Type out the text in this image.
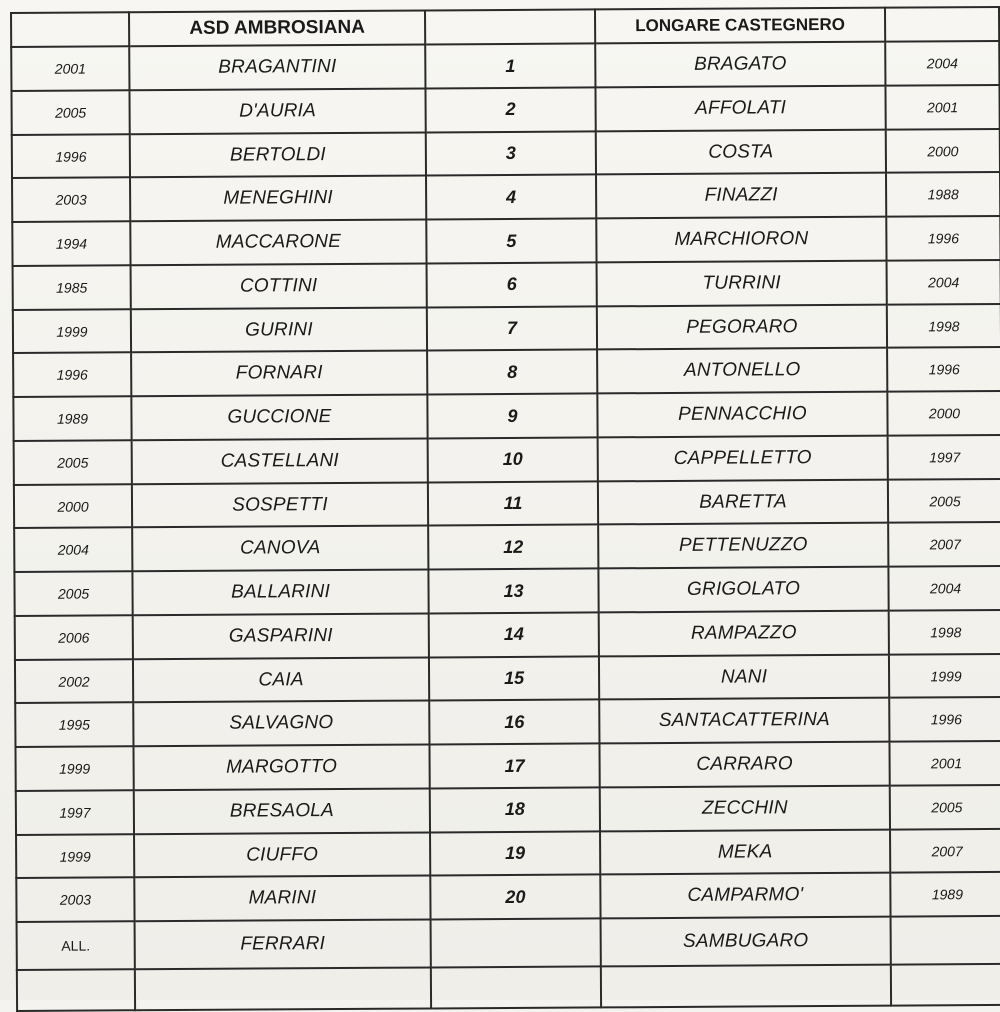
	ASD AMBROSIANA		LONGARE CASTEGNERO	
2001	BRAGANTINI	1	BRAGATO	2004
2005	D'AURIA	2	AFFOLATI	2001
1996	BERTOLDI	3	COSTA	2000
2003	MENEGHINI	4	FINAZZI	1988
1994	MACCARONE	5	MARCHIORON	1996
1985	COTTINI	6	TURRINI	2004
1999	GURINI	7	PEGORARO	1998
1996	FORNARI	8	ANTONELLO	1996
1989	GUCCIONE	9	PENNACCHIO	2000
2005	CASTELLANI	10	CAPPELLETTO	1997
2000	SOSPETTI	11	BARETTA	2005
2004	CANOVA	12	PETTENUZZO	2007
2005	BALLARINI	13	GRIGOLATO	2004
2006	GASPARINI	14	RAMPAZZO	1998
2002	CAIA	15	NANI	1999
1995	SALVAGNO	16	SANTACATTERINA	1996
1999	MARGOTTO	17	CARRARO	2001
1997	BRESAOLA	18	ZECCHIN	2005
1999	CIUFFO	19	MEKA	2007
2003	MARINI	20	CAMPARMO'	1989
ALL.	FERRARI		SAMBUGARO	
